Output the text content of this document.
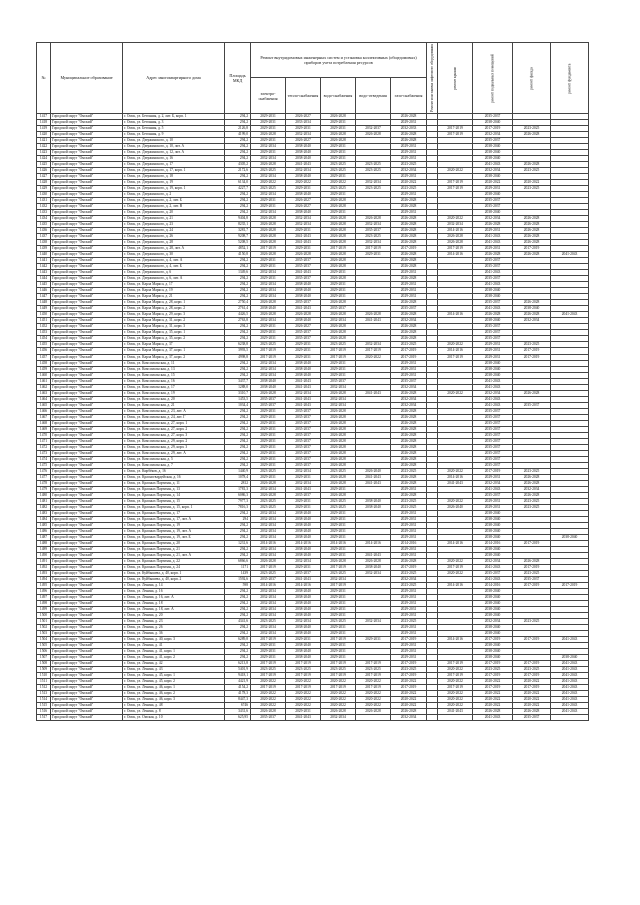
№	Муниципальное образование	Адрес многоквартирного дома	Площадь МКД	Ремонт внутридомовых инженерных систем и установка коллективных (общедомовых) приборов учета потребления ресурсов					Ремонт или замена лифтового оборудования	ремонт крыши	ремонт подвальных помещений	ремонт фасада	ремонт фундамента
				электро-снабжения	тепло-снабжения	водо-снабжения	водо-отведения	газо-снабжения					
1417	Городской округ "Омский"	г. Омск, ул. Бетонная, д. 2, лит. Б, корп. 1	294,2	2029-2031	2026-2027	2026-2028		2026-2028			2035-2037		
1418	Городской округ "Омский"	г. Омск, ул. Бетонная, д. 3	294,2	2029-2031	2033-2034	2029-2031		2029-2031			2038-2040		
1419	Городской округ "Омский"	г. Омск, ул. Бетонная, д. 5	2126,8	2029-2031	2029-2031	2029-2031	2032-2037	2032-2033		2017-2019	2017-2019	2023-2025	
1420	Городской округ "Омский"	г. Омск, ул. Бетонная, д. 9	4199,0	2026-2028	2032-2034	2026-2028	2026-2028	2026-2028		2017-2019	2032-2034	2026-2028	
1421	Городской округ "Омский"	г. Омск, ул. Дзержинского, д. 10	294,2	2029-2031	2026-2027	2026-2028		2026-2028			2035-2037		
1422	Городской округ "Омский"	г. Омск, ул. Дзержинского, д. 10, лит. А	294,2	2032-2034	2038-2040	2029-2031		2029-2031			2038-2040		
1423	Городской округ "Омский"	г. Омск, ул. Дзержинского, д. 12, лит. А	294,2	2029-2031	2038-2040	2029-2031		2029-2031			2038-2040		
1424	Городской округ "Омский"	г. Омск, ул. Дзержинского, д. 16	294,2	2032-2034	2038-2040	2029-2031		2029-2031			2038-2040		
1425	Городской округ "Омский"	г. Омск, ул. Дзержинского, д. 17	4305,2	2026-2028	2041-2043	2023-2025	2023-2025	2023-2025			2041-2043	2026-2028	
1426	Городской округ "Омский"	г. Омск, ул. Дзержинского, д. 17, корп. 1	2172,6	2023-2025	2032-2034	2023-2025	2023-2025	2032-2034		2020-2022	2032-2034	2023-2025	
1427	Городской округ "Омский"	г. Омск, ул. Дзержинского, д. 18	294,2	2032-2034	2038-2040	2029-2031		2029-2031			2038-2040		
1428	Городской округ "Омский"	г. Омск, ул. Дзержинского, д. 19	6134,0	2020-2022	2020-2022	2020-2022	2032-2034	2020-2022		2017-2019	2020-2022	2020-2022	
1429	Городской округ "Омский"	г. Омск, ул. Дзержинского, д. 19, корп. 1	4227,7	2023-2025	2029-2031	2023-2025	2023-2025	2023-2025		2017-2019	2029-2031	2023-2025	
1430	Городской округ "Омский"	г. Омск, ул. Дзержинского, д. 2	294,2	2032-2034	2038-2040	2029-2031		2029-2031			2038-2040		
1431	Городской округ "Омский"	г. Омск, ул. Дзержинского, д. 2, лит. Б	294,2	2029-2031	2026-2027	2026-2028		2026-2028			2035-2037		
1432	Городской округ "Омский"	г. Омск, ул. Дзержинского, д. 2, лит. В	294,2	2029-2031	2026-2027	2026-2028		2026-2028			2035-2037		
1433	Городской округ "Омский"	г. Омск, ул. Дзержинского, д. 20	294,2	2032-2034	2038-2040	2029-2031		2029-2031			2038-2040		
1434	Городской округ "Омский"	г. Омск, ул. Дзержинского, д. 21	9404,8	2026-2028	2032-2034	2026-2028	2026-2028	2026-2028		2020-2022	2032-2034	2026-2028	
1435	Городской округ "Омский"	г. Омск, ул. Дзержинского, д. 23	8235,1	2026-2028	2032-2034	2026-2028	2032-2034	2026-2028		2032-2034	2026-2028	2026-2028	
1436	Городской округ "Омский"	г. Омск, ул. Дзержинского, д. 24	3281,7	2026-2028	2029-2031	2026-2028	2035-2037	2026-2028		2014-2016	2029-2031	2026-2028	
1437	Городской округ "Омский"	г. Омск, ул. Дзержинского, д. 26	9208,7	2026-2028	2041-2043	2026-2028	2023-2025	2026-2028		2026-2028	2041-2043	2026-2028	
1438	Городской округ "Омский"	г. Омск, ул. Дзержинского, д. 28	5208,5	2026-2028	2041-2043	2026-2028	2032-2034	2026-2028		2026-2028	2041-2043	2026-2028	
1439	Городской округ "Омский"	г. Омск, ул. Дзержинского, д. 28, лит. А	4852,1	2017-2019	2029-2031	2017-2019	2017-2019	2017-2019		2017-2019	2029-2031	2017-2019	
1440	Городской округ "Омский"	г. Омск, ул. Дзержинского, д. 30	4150,8	2026-2028	2026-2028	2026-2028	2029-2031	2026-2028		2014-2016	2026-2028	2026-2028	2041-2043
1441	Городской округ "Омский"	г. Омск, ул. Дзержинского, д. 4, лит. А	294,2	2029-2031	2035-2037	2026-2028		2026-2028			2035-2037		
1442	Городской округ "Омский"	г. Омск, ул. Дзержинского, д. 4, лит. Б	294,2	2029-2031	2035-2037	2026-2028		2026-2028			2035-2037		
1443	Городской округ "Омский"	г. Омск, ул. Дзержинского, д. 6	1349,6	2032-2034	2041-2043	2029-2031		2029-2031			2041-2043		
1444	Городской округ "Омский"	г. Омск, ул. Дзержинского, д. 6, лит. А	294,2	2029-2031	2035-2037	2026-2028		2026-2028			2035-2037		
1445	Городской округ "Омский"	г. Омск, ул. Карла Маркса, д. 17	294,2	2032-2034	2038-2040	2029-2031		2029-2031			2041-2043		
1446	Городской округ "Омский"	г. Омск, ул. Карла Маркса, д. 19	294,2	2032-2034	2038-2040	2029-2031		2029-2031			2038-2040		
1447	Городской округ "Омский"	г. Омск, ул. Карла Маркса, д. 21	294,2	2032-2034	2038-2040	2029-2031		2029-2031			2038-2040		
1448	Городской округ "Омский"	г. Омск, ул. Карла Маркса, д. 28, корп. 1	2750,4	2026-2028	2035-2037	2026-2028		2026-2028			2035-2037	2026-2028	
1449	Городской округ "Омский"	г. Омск, ул. Карла Маркса, д. 28, корп. 2	2761,4	2038-2040	2041-2043	2035-2037		2035-2037			2041-2043	2038-2040	
1450	Городской округ "Омский"	г. Омск, ул. Карла Маркса, д. 29, корп. 3	4426,5	2026-2028	2026-2028	2026-2028	2026-2028	2026-2028		2014-2016	2026-2028	2026-2028	2041-2043
1451	Городской округ "Омский"	г. Омск, ул. Карла Маркса, д. 31, корп. 2	2763,8	2032-2034	2038-2040	2032-2034	2041-2043	2032-2034			2038-2040	2032-2034	
1452	Городской округ "Омский"	г. Омск, ул. Карла Маркса, д. 31, корп. 3	294,2	2029-2031	2026-2027	2026-2028		2026-2028			2035-2037		
1453	Городской округ "Омский"	г. Омск, ул. Карла Маркса, д. 35, корп. 1	294,2	2029-2031	2035-2037	2026-2028		2026-2028			2035-2037		
1454	Городской округ "Омский"	г. Омск, ул. Карла Маркса, д. 35, корп. 2	294,2	2029-2031	2035-2037	2026-2028		2026-2028			2035-2037		
1455	Городской округ "Омский"	г. Омск, ул. Карла Маркса, д. 37	6238,8	2023-2025	2029-2031	2023-2025	2032-2034	2023-2025		2020-2022	2029-2031	2023-2025	
1456	Городской округ "Омский"	г. Омск, ул. Карла Маркса, д. 37, корп. 1	3993,5	2017-2019	2029-2031	2017-2019	2017-2019	2017-2019		2014-2016	2029-2031	2017-2019	
1457	Городской округ "Омский"	г. Омск, ул. Карла Маркса, д. 37, корп. 2	4998,8	2017-2019	2029-2031	2017-2019	2020-2022	2017-2019		2017-2019	2029-2031	2017-2019	
1458	Городской округ "Омский"	г. Омск, ул. Комсомольская, д. 11	294,2	2032-2034	2038-2040	2029-2031		2029-2031			2038-2040		
1459	Городской округ "Омский"	г. Омск, ул. Комсомольская, д. 13	294,2	2032-2034	2038-2040	2029-2031		2029-2031			2038-2040		
1460	Городской округ "Омский"	г. Омск, ул. Комсомольская, д. 15	294,2	2032-2034	2038-2040	2029-2031		2029-2031			2038-2040		
1461	Городской округ "Омский"	г. Омск, ул. Комсомольская, д. 16	3437,7	2038-2040	2041-2043	2035-2037		2035-2037			2041-2043		
1462	Городской округ "Омский"	г. Омск, ул. Комсомольская, д. 17	1288,0	2038-2040	2041-2043	2032-2034		2032-2034			2041-2043		
1463	Городской округ "Омский"	г. Омск, ул. Комсомольская, д. 19	3310,7	2026-2028	2032-2034	2026-2028	2041-2043	2026-2028		2020-2022	2032-2034	2026-2028	
1464	Городской округ "Омский"	г. Омск, ул. Комсомольская, д. 20	1453,5	2035-2037	2041-2043	2032-2034		2032-2034			2041-2043		
1465	Городской округ "Омский"	г. Омск, ул. Комсомольская, д. 21	1034,4	2035-2037	2041-2043	2032-2034		2032-2034			2041-2043	2035-2037	
1466	Городской округ "Омский"	г. Омск, ул. Комсомольская, д. 23, лит. А	294,2	2029-2031	2035-2037	2026-2028		2026-2028			2035-2037		
1467	Городской округ "Омский"	г. Омск, ул. Комсомольская, д. 24, лит. Г	294,2	2029-2031	2035-2037	2026-2028		2026-2028			2035-2037		
1468	Городской округ "Омский"	г. Омск, ул. Комсомольская, д. 27, корп. 1	294,2	2029-2031	2035-2037	2026-2028		2026-2028			2035-2037		
1469	Городской округ "Омский"	г. Омск, ул. Комсомольская, д. 27, корп. 2	294,2	2029-2031	2035-2037	2026-2028		2026-2028			2035-2037		
1470	Городской округ "Омский"	г. Омск, ул. Комсомольская, д. 27, корп. 3	294,2	2029-2031	2035-2037	2026-2028		2026-2028			2035-2037		
1471	Городской округ "Омский"	г. Омск, ул. Комсомольская, д. 29, корп. 2	294,2	2029-2031	2035-2037	2026-2028		2026-2028			2035-2037		
1472	Городской округ "Омский"	г. Омск, ул. Комсомольская, д. 29, корп. 3	294,2	2029-2031	2035-2037	2026-2028		2026-2028			2035-2037		
1473	Городской округ "Омский"	г. Омск, ул. Комсомольская, д. 29, лит. А	294,2	2029-2031	2035-2037	2026-2028		2026-2028			2035-2037		
1474	Городской округ "Омский"	г. Омск, ул. Комсомольская, д. 5	294,2	2029-2031	2035-2037	2026-2028		2026-2028			2035-2037		
1475	Городской округ "Омский"	г. Омск, ул. Комсомольская, д. 7	294,2	2029-2031	2035-2037	2026-2028		2026-2028			2035-2037		
1476	Городской округ "Омский"	г. Омск, ул. Кирбёков, д. 16	1440,9	2023-2025	2032-2034	2023-2025	2026-2040	2023-2025		2020-2022	2017-2019	2023-2025	
1477	Городской округ "Омский"	г. Омск, ул. Красногвардейская, д. 16	1078,4	2029-2031	2029-2031	2026-2028	2041-2043	2026-2028		2014-2016	2029-2031	2026-2028	
1478	Городской округ "Омский"	г. Омск, ул. Красных Партизан, д. 11	2812	2026-2028	2032-2034	2026-2028	2041-2043	2026-2028		2041-2043	2032-2034	2026-2028	
1479	Городской округ "Омский"	г. Омск, ул. Красных Партизан, д. 13	1781,3	2032-2034	2041-2043	2029-2031		2029-2031			2041-2043	2032-2034	
1480	Городской округ "Омский"	г. Омск, ул. Красных Партизан, д. 14	6086,3	2026-2028	2035-2037	2026-2028		2026-2028			2035-2037	2026-2028	
1481	Городской округ "Омский"	г. Омск, ул. Красных Партизан, д. 15	7977,3	2023-2025	2029-2031	2023-2025	2038-2040	2023-2025		2020-2022	2029-2031	2023-2025	
1482	Городской округ "Омский"	г. Омск, ул. Красных Партизан, д. 15, корп. 1	7816,3	2023-2025	2029-2031	2023-2025	2038-2040	2023-2025		2026-2040	2029-2031	2023-2025	
1483	Городской округ "Омский"	г. Омск, ул. Красных Партизан, д. 17	294,2	2032-2034	2038-2040	2029-2031		2029-2031			2038-2040		
1484	Городской округ "Омский"	г. Омск, ул. Красных Партизан, д. 17, лит. А	294	2032-2034	2038-2040	2029-2031		2029-2031			2038-2040		
1485	Городской округ "Омский"	г. Омск, ул. Красных Партизан, д. 19	294,2	2032-2034	2038-2040	2029-2031		2029-2031			2038-2040		
1486	Городской округ "Омский"	г. Омск, ул. Красных Партизан, д. 19, лит. А	294,2	2032-2034	2038-2040	2029-2031		2029-2031			2038-2040		
1487	Городской округ "Омский"	г. Омск, ул. Красных Партизан, д. 19, лит. Б	294,2	2032-2034	2038-2040	2029-2031		2029-2031			2038-2040		2038-2040
1488	Городской округ "Омский"	г. Омск, ул. Красных Партизан, д. 20	1231,6	2014-2016	2014-2016	2014-2016	2014-2016	2014-2016		2014-2016	2014-2016	2017-2019	
1489	Городской округ "Омский"	г. Омск, ул. Красных Партизан, д. 21	294,2	2032-2034	2038-2040	2029-2031		2029-2031			2038-2040		
1490	Городской округ "Омский"	г. Омск, ул. Красных Партизан, д. 21, лит. А	294,2	2032-2034	2038-2040	2029-2031	2041-2043	2029-2031			2038-2040		
1491	Городской округ "Омский"	г. Омск, ул. Красных Партизан, д. 22	6866,6	2026-2028	2032-2034	2026-2028	2026-2028	2026-2028		2020-2022	2032-2034	2026-2028	
1492	Городской округ "Омский"	г. Омск, ул. Красных Партизан, д. 24	1171	2017-2019	2029-2031	2017-2019	2038-2040	2017-2019		2017-2019	2041-2043	2017-2019	
1493	Городской округ "Омский"	г. Омск, ул. Куйбышева, д. 40, корп. 1	1439	2023-2025	2035-2037	2023-2025	2032-2034	2023-2025		2020-2022	2035-2037	2023-2025	
1494	Городской округ "Омский"	г. Омск, ул. Куйбышева, д. 40, корп. 2	1592,6	2035-2037	2041-2043	2032-2034		2032-2034			2041-2043	2035-2037	
1495	Городской округ "Омский"	г. Омск, ул. Ленина, д. 14	598	2014-2016	2014-2016	2017-2019		2023-2025		2014-2016	2014-2016	2017-2019	2017-2019
1496	Городской округ "Омский"	г. Омск, ул. Ленина, д. 16	294,2	2032-2034	2038-2040	2029-2031		2029-2031			2038-2040		
1497	Городской округ "Омский"	г. Омск, ул. Ленина, д. 16, лит. А	294,2	2032-2034	2038-2040	2029-2031		2029-2031			2038-2040		
1498	Городской округ "Омский"	г. Омск, ул. Ленина, д. 18	294,2	2032-2034	2038-2040	2029-2031		2029-2031			2038-2040		
1499	Городской округ "Омский"	г. Омск, ул. Ленина, д. 18, лит. А	294,2	2032-2034	2038-2040	2029-2031		2029-2031			2038-2040		
1500	Городской округ "Омский"	г. Омск, ул. Ленина, д. 20	294,2	2032-2034	2038-2040	2029-2031		2029-2031			2038-2040		
1501	Городской округ "Омский"	г. Омск, ул. Ленина, д. 23	4341,6	2023-2025	2032-2034	2023-2025	2032-2034	2023-2025			2032-2034	2023-2025	
1502	Городской округ "Омский"	г. Омск, ул. Ленина, д. 26	294,2	2032-2034	2038-2040	2029-2031		2029-2031			2038-2040		
1503	Городской округ "Омский"	г. Омск, ул. Ленина, д. 36	294,2	2032-2034	2038-2040	2029-2031		2029-2031			2038-2040		
1504	Городской округ "Омский"	г. Омск, ул. Ленина, д. 40, корп. 3	6289,8	2017-2019	2029-2031	2017-2019	2029-2031	2017-2019		2014-2016	2017-2019	2017-2019	2041-2043
1505	Городской округ "Омский"	г. Омск, ул. Ленина, д. 41	294,2	2029-2031	2038-2040	2029-2031		2029-2031			2038-2040		
1506	Городской округ "Омский"	г. Омск, ул. Ленина, д. 41, корп. 1	294,2	2029-2031	2038-2040	2029-2031		2029-2031			2038-2040		
1507	Городской округ "Омский"	г. Омск, ул. Ленина, д. 41, корп. 2	294,2	2029-2031	2038-2040	2029-2031		2029-2031			2038-2040		2038-2040
1508	Городской округ "Омский"	г. Омск, ул. Ленина, д. 42	6213,8	2017-2019	2017-2019	2017-2019	2017-2019	2017-2019		2017-2019	2017-2019	2017-2019	2041-2043
1509	Городской округ "Омский"	г. Омск, ул. Ленина, д. 43	5401,9	2023-2025	2023-2025	2023-2025	2023-2025	2023-2025		2020-2022	2023-2025	2023-2025	2041-2043
1510	Городской округ "Омский"	г. Омск, ул. Ленина, д. 45, корп. 1	9418,1	2017-2019	2017-2019	2017-2019	2017-2019	2017-2019		2017-2019	2017-2019	2017-2019	2041-2043
1511	Городской округ "Омский"	г. Омск, ул. Ленина, д. 45, корп. 2	4421,9	2020-2022	2020-2022	2020-2022	2020-2022	2020-2022		2020-2022	2020-2022	2020-2022	2041-2043
1512	Городской округ "Омский"	г. Омск, ул. Ленина, д. 46, корп. 1	4154,2	2017-2019	2017-2019	2017-2019	2017-2019	2017-2019		2017-2019	2017-2019	2017-2019	2041-2043
1513	Городской округ "Омский"	г. Омск, ул. Ленина, д. 46, корп. 2	4178,3	2020-2022	2020-2022	2020-2022	2020-2022	2020-2022		2020-2022	2020-2022	2020-2022	2041-2043
1514	Городской округ "Омский"	г. Омск, ул. Ленина, д. 46, корп. 3	8447,3	2020-2022	2020-2022	2020-2022	2020-2022	2020-2022		2020-2022	2020-2022	2020-2022	2041-2043
1515	Городской округ "Омский"	г. Омск, ул. Ленина, д. 48	6746	2020-2022	2020-2022	2020-2022	2020-2022	2020-2022		2020-2022	2020-2022	2020-2022	2041-2043
1516	Городской округ "Омский"	г. Омск, ул. Ленина, д. 8	3431,6	2026-2028	2029-2031	2026-2028	2026-2028	2026-2028		2041-2043	2026-2028	2026-2028	2041-2043
1517	Городской округ "Омский"	г. Омск, ул. Омская, д. 10	625,95	2035-2037	2041-2043	2032-2034		2032-2034			2041-2043	2035-2037	
